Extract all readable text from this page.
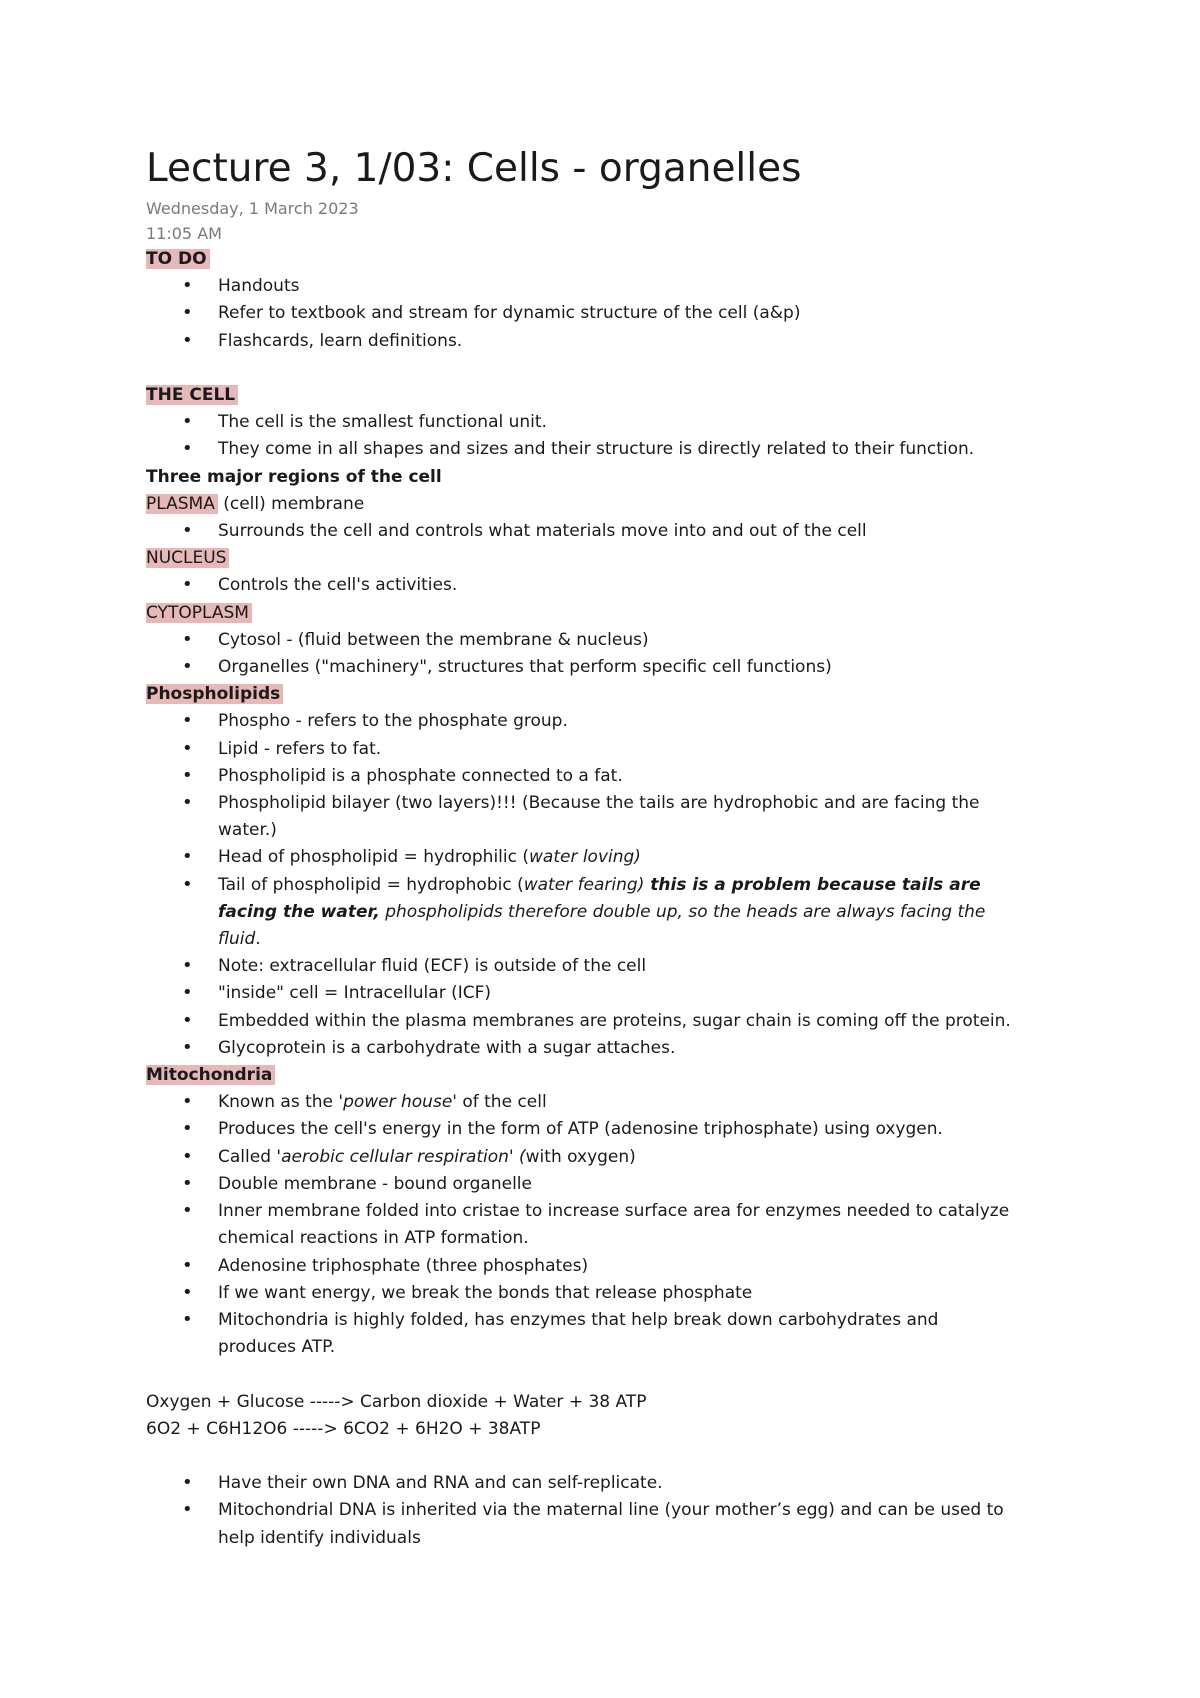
Lecture 3, 1/03: Cells - organelles
Wednesday, 1 March 2023
11:05 AM
TO DO
• Handouts
• Refer to textbook and stream for dynamic structure of the cell (a&p)
• Flashcards, learn definitions.
THE CELL
• The cell is the smallest functional unit.
• They come in all shapes and sizes and their structure is directly related to their function.
Three major regions of the cell
PLASMA (cell) membrane
• Surrounds the cell and controls what materials move into and out of the cell
NUCLEUS
• Controls the cell's activities.
CYTOPLASM
• Cytosol - (fluid between the membrane & nucleus)
• Organelles ("machinery", structures that perform specific cell functions)
Phospholipids
• Phospho - refers to the phosphate group.
• Lipid - refers to fat.
• Phospholipid is a phosphate connected to a fat.
• Phospholipid bilayer (two layers)!!! (Because the tails are hydrophobic and are facing the water.)
• Head of phospholipid = hydrophilic (water loving)
• Tail of phospholipid = hydrophobic (water fearing) this is a problem because tails are facing the water, phospholipids therefore double up, so the heads are always facing the fluid.
• Note: extracellular fluid (ECF) is outside of the cell
• "inside" cell = Intracellular (ICF)
• Embedded within the plasma membranes are proteins, sugar chain is coming off the protein.
• Glycoprotein is a carbohydrate with a sugar attaches.
Mitochondria
• Known as the 'power house' of the cell
• Produces the cell's energy in the form of ATP (adenosine triphosphate) using oxygen.
• Called 'aerobic cellular respiration' (with oxygen)
• Double membrane - bound organelle
• Inner membrane folded into cristae to increase surface area for enzymes needed to catalyze chemical reactions in ATP formation.
• Adenosine triphosphate (three phosphates)
• If we want energy, we break the bonds that release phosphate
• Mitochondria is highly folded, has enzymes that help break down carbohydrates and produces ATP.
Oxygen + Glucose -----> Carbon dioxide + Water + 38 ATP
6O2 + C6H12O6 -----> 6CO2 + 6H2O + 38ATP
• Have their own DNA and RNA and can self-replicate.
• Mitochondrial DNA is inherited via the maternal line (your mother’s egg) and can be used to help identify individuals
